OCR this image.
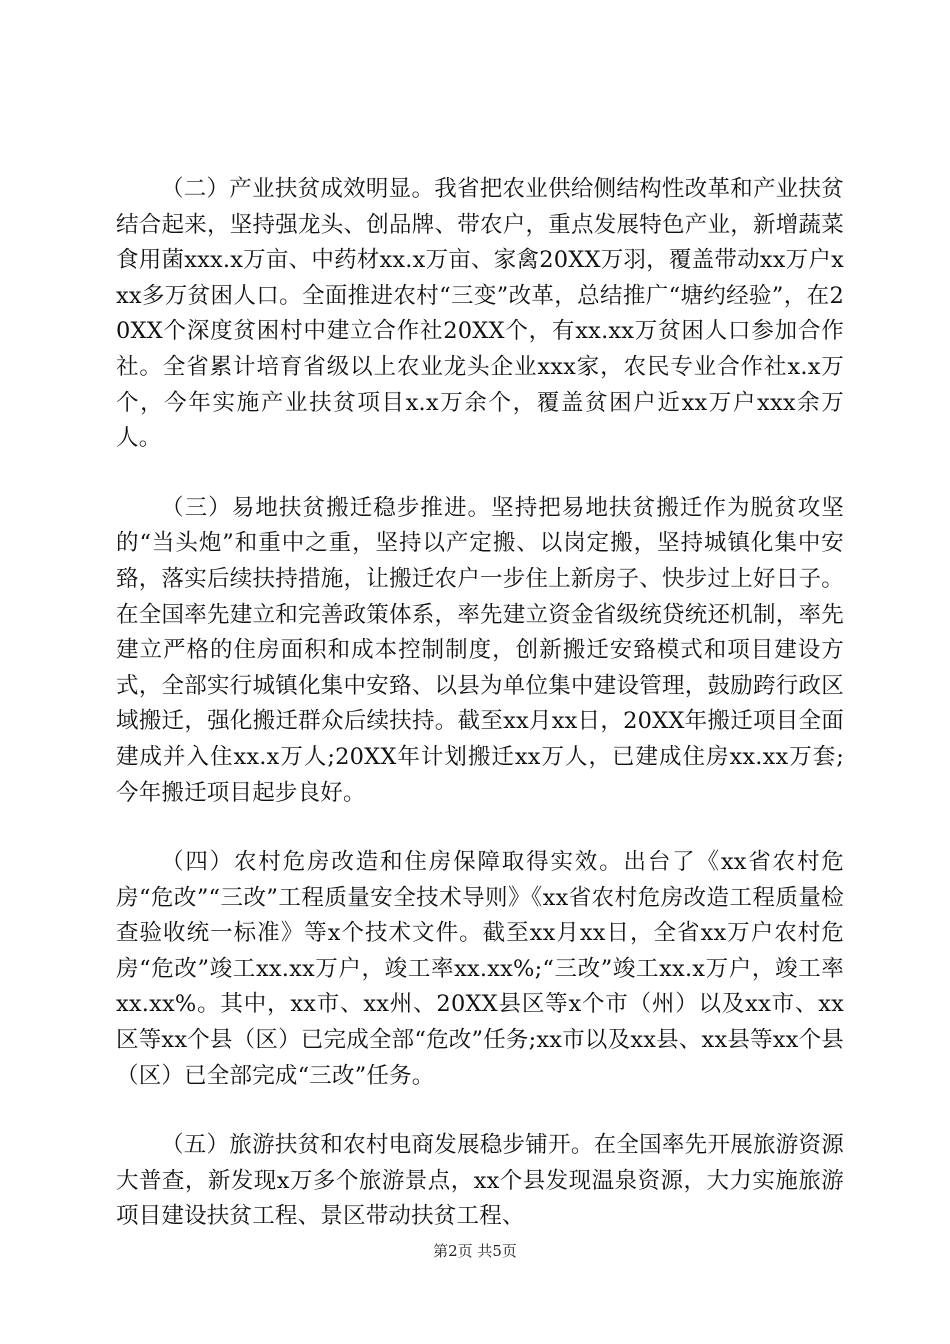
（二）产业扶贫成效明显。我省把农业供给侧结构性改革和产业扶贫结合起来，坚持强龙头、创品牌、带农户，重点发展特色产业，新增蔬菜食用菌xxx.x万亩、中药材xx.x万亩、家禽20XX万羽，覆盖带动xx万户xxx多万贫困人口。全面推进农村“三变”改革，总结推广“塘约经验”，在20XX个深度贫困村中建立合作社20XX个，有xx.xx万贫困人口参加合作社。全省累计培育省级以上农业龙头企业xxx家，农民专业合作社x.x万个，今年实施产业扶贫项目x.x万余个，覆盖贫困户近xx万户xxx余万人。

（三）易地扶贫搬迁稳步推进。坚持把易地扶贫搬迁作为脱贫攻坚的“当头炮”和重中之重，坚持以产定搬、以岗定搬，坚持城镇化集中安臵，落实后续扶持措施，让搬迁农户一步住上新房子、快步过上好日子。在全国率先建立和完善政策体系，率先建立资金省级统贷统还机制，率先建立严格的住房面积和成本控制制度，创新搬迁安臵模式和项目建设方式，全部实行城镇化集中安臵、以县为单位集中建设管理，鼓励跨行政区域搬迁，强化搬迁群众后续扶持。截至xx月xx日，20XX年搬迁项目全面建成并入住xx.x万人;20XX年计划搬迁xx万人，已建成住房xx.xx万套;今年搬迁项目起步良好。

（四）农村危房改造和住房保障取得实效。出台了《xx省农村危房“危改”“三改”工程质量安全技术导则》《xx省农村危房改造工程质量检查验收统一标准》等x个技术文件。截至xx月xx日，全省xx万户农村危房“危改”竣工xx.xx万户，竣工率xx.xx%;“三改”竣工xx.x万户，竣工率xx.xx%。其中，xx市、xx州、20XX县区等x个市（州）以及xx市、xx区等xx个县（区）已完成全部“危改”任务;xx市以及xx县、xx县等xx个县（区）已全部完成“三改”任务。

（五）旅游扶贫和农村电商发展稳步铺开。在全国率先开展旅游资源大普查，新发现x万多个旅游景点，xx个县发现温泉资源，大力实施旅游项目建设扶贫工程、景区带动扶贫工程、

第2页 共5页
